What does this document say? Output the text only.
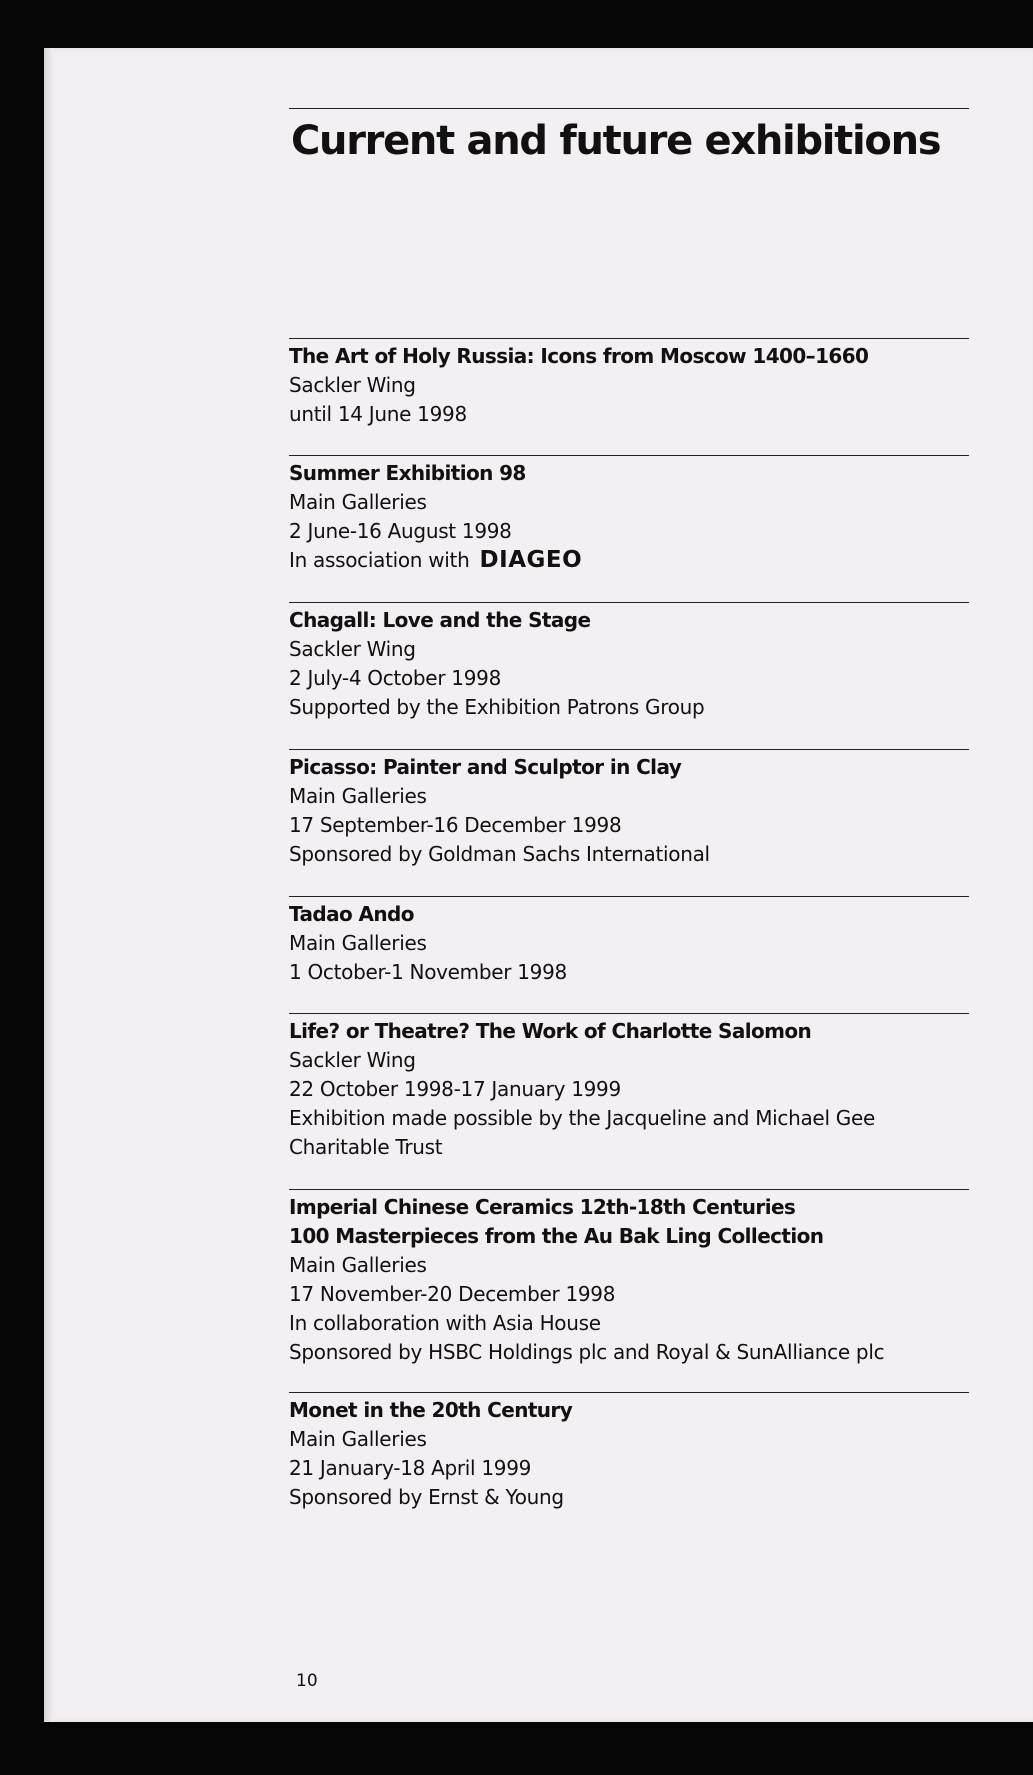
Current and future exhibitions
The Art of Holy Russia: Icons from Moscow 1400–1660
Sackler Wing
until 14 June 1998
Summer Exhibition 98
Main Galleries
2 June-16 August 1998
In association with DIAGEO
Chagall: Love and the Stage
Sackler Wing
2 July-4 October 1998
Supported by the Exhibition Patrons Group
Picasso: Painter and Sculptor in Clay
Main Galleries
17 September-16 December 1998
Sponsored by Goldman Sachs International
Tadao Ando
Main Galleries
1 October-1 November 1998
Life? or Theatre? The Work of Charlotte Salomon
Sackler Wing
22 October 1998-17 January 1999
Exhibition made possible by the Jacqueline and Michael Gee
Charitable Trust
Imperial Chinese Ceramics 12th-18th Centuries
100 Masterpieces from the Au Bak Ling Collection
Main Galleries
17 November-20 December 1998
In collaboration with Asia House
Sponsored by HSBC Holdings plc and Royal & SunAlliance plc
Monet in the 20th Century
Main Galleries
21 January-18 April 1999
Sponsored by Ernst & Young
10
